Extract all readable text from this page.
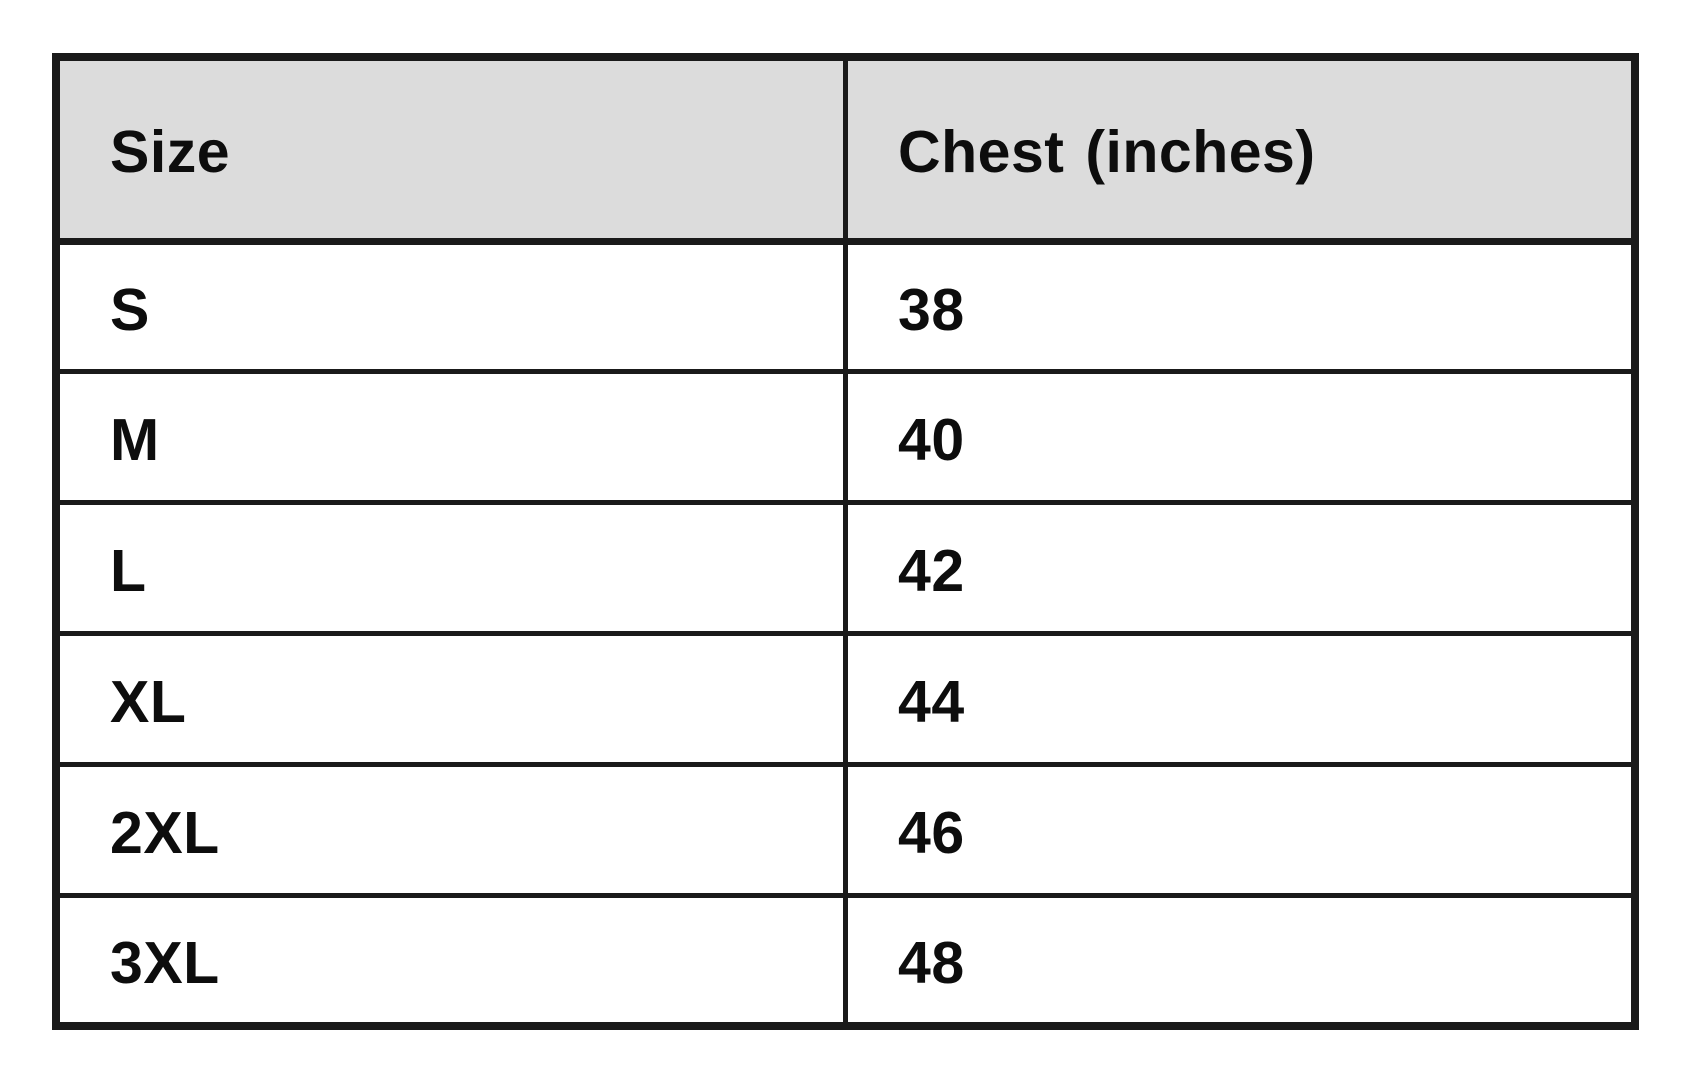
Size	Chest (inches)
S	38
M	40
L	42
XL	44
2XL	46
3XL	48
